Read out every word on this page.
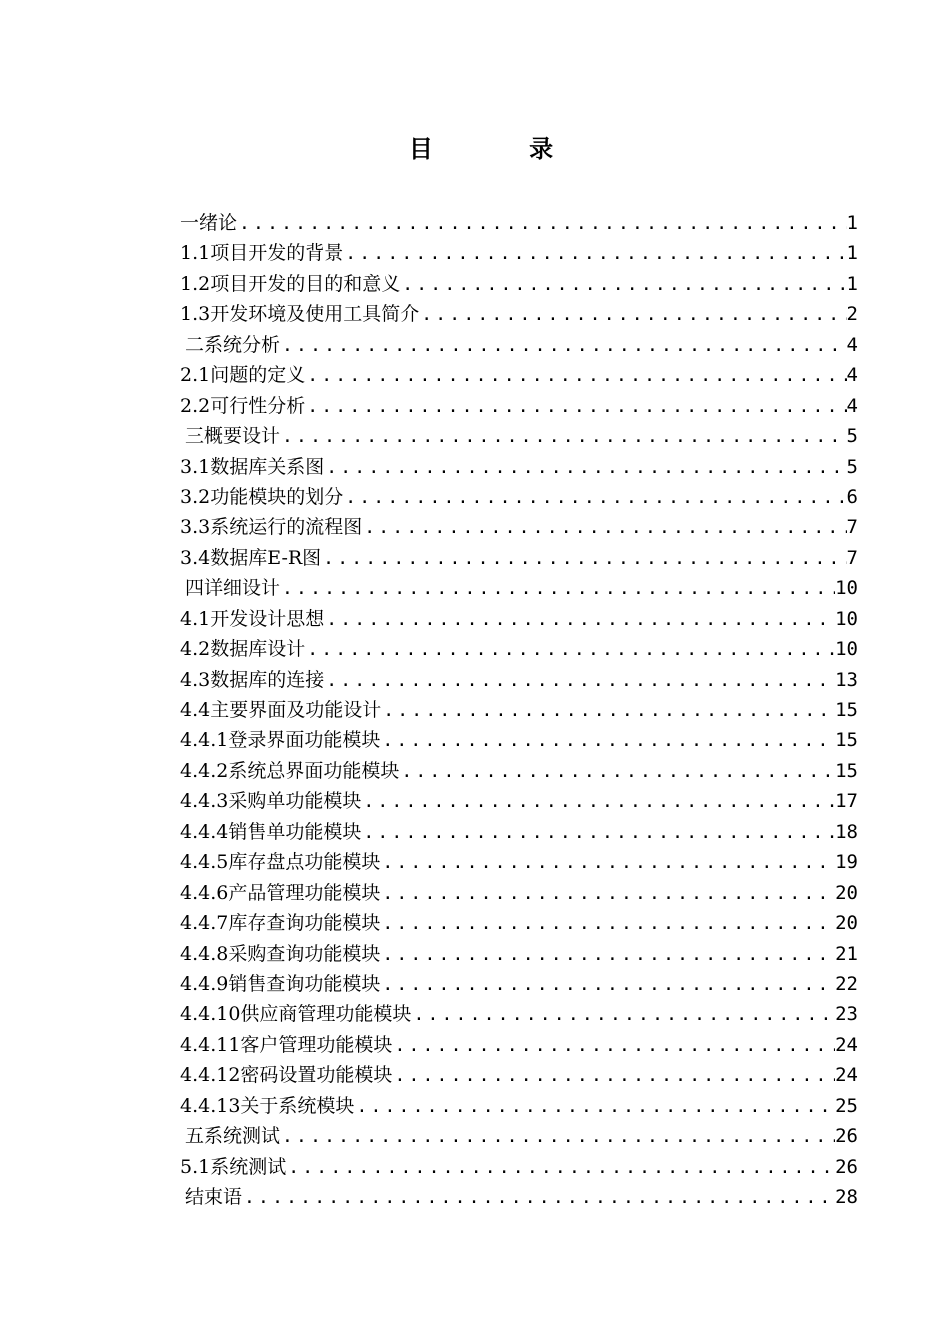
目 录
一绪论 .....	1
1.1项目开发的背景 .....	1
1.2项目开发的目的和意义 .....	1
1.3开发环境及使用工具简介 .....	2
二系统分析 .....	4
2.1问题的定义 .....	4
2.2可行性分析 .....	4
三概要设计 .....	5
3.1数据库关系图 .....	5
3.2功能模块的划分 .....	6
3.3系统运行的流程图 .....	7
3.4数据库E-R图 .....	7
四详细设计 .....	10
4.1开发设计思想 .....	10
4.2数据库设计 .....	10
4.3数据库的连接 .....	13
4.4主要界面及功能设计 .....	15
4.4.1登录界面功能模块 .....	15
4.4.2系统总界面功能模块 .....	15
4.4.3采购单功能模块 .....	17
4.4.4销售单功能模块 .....	18
4.4.5库存盘点功能模块 .....	19
4.4.6产品管理功能模块 .....	20
4.4.7库存查询功能模块 .....	20
4.4.8采购查询功能模块 .....	21
4.4.9销售查询功能模块 .....	22
4.4.10供应商管理功能模块 .....	23
4.4.11客户管理功能模块 .....	24
4.4.12密码设置功能模块 .....	24
4.4.13关于系统模块 .....	25
五系统测试 .....	26
5.1系统测试 .....	26
结束语 .....	28
